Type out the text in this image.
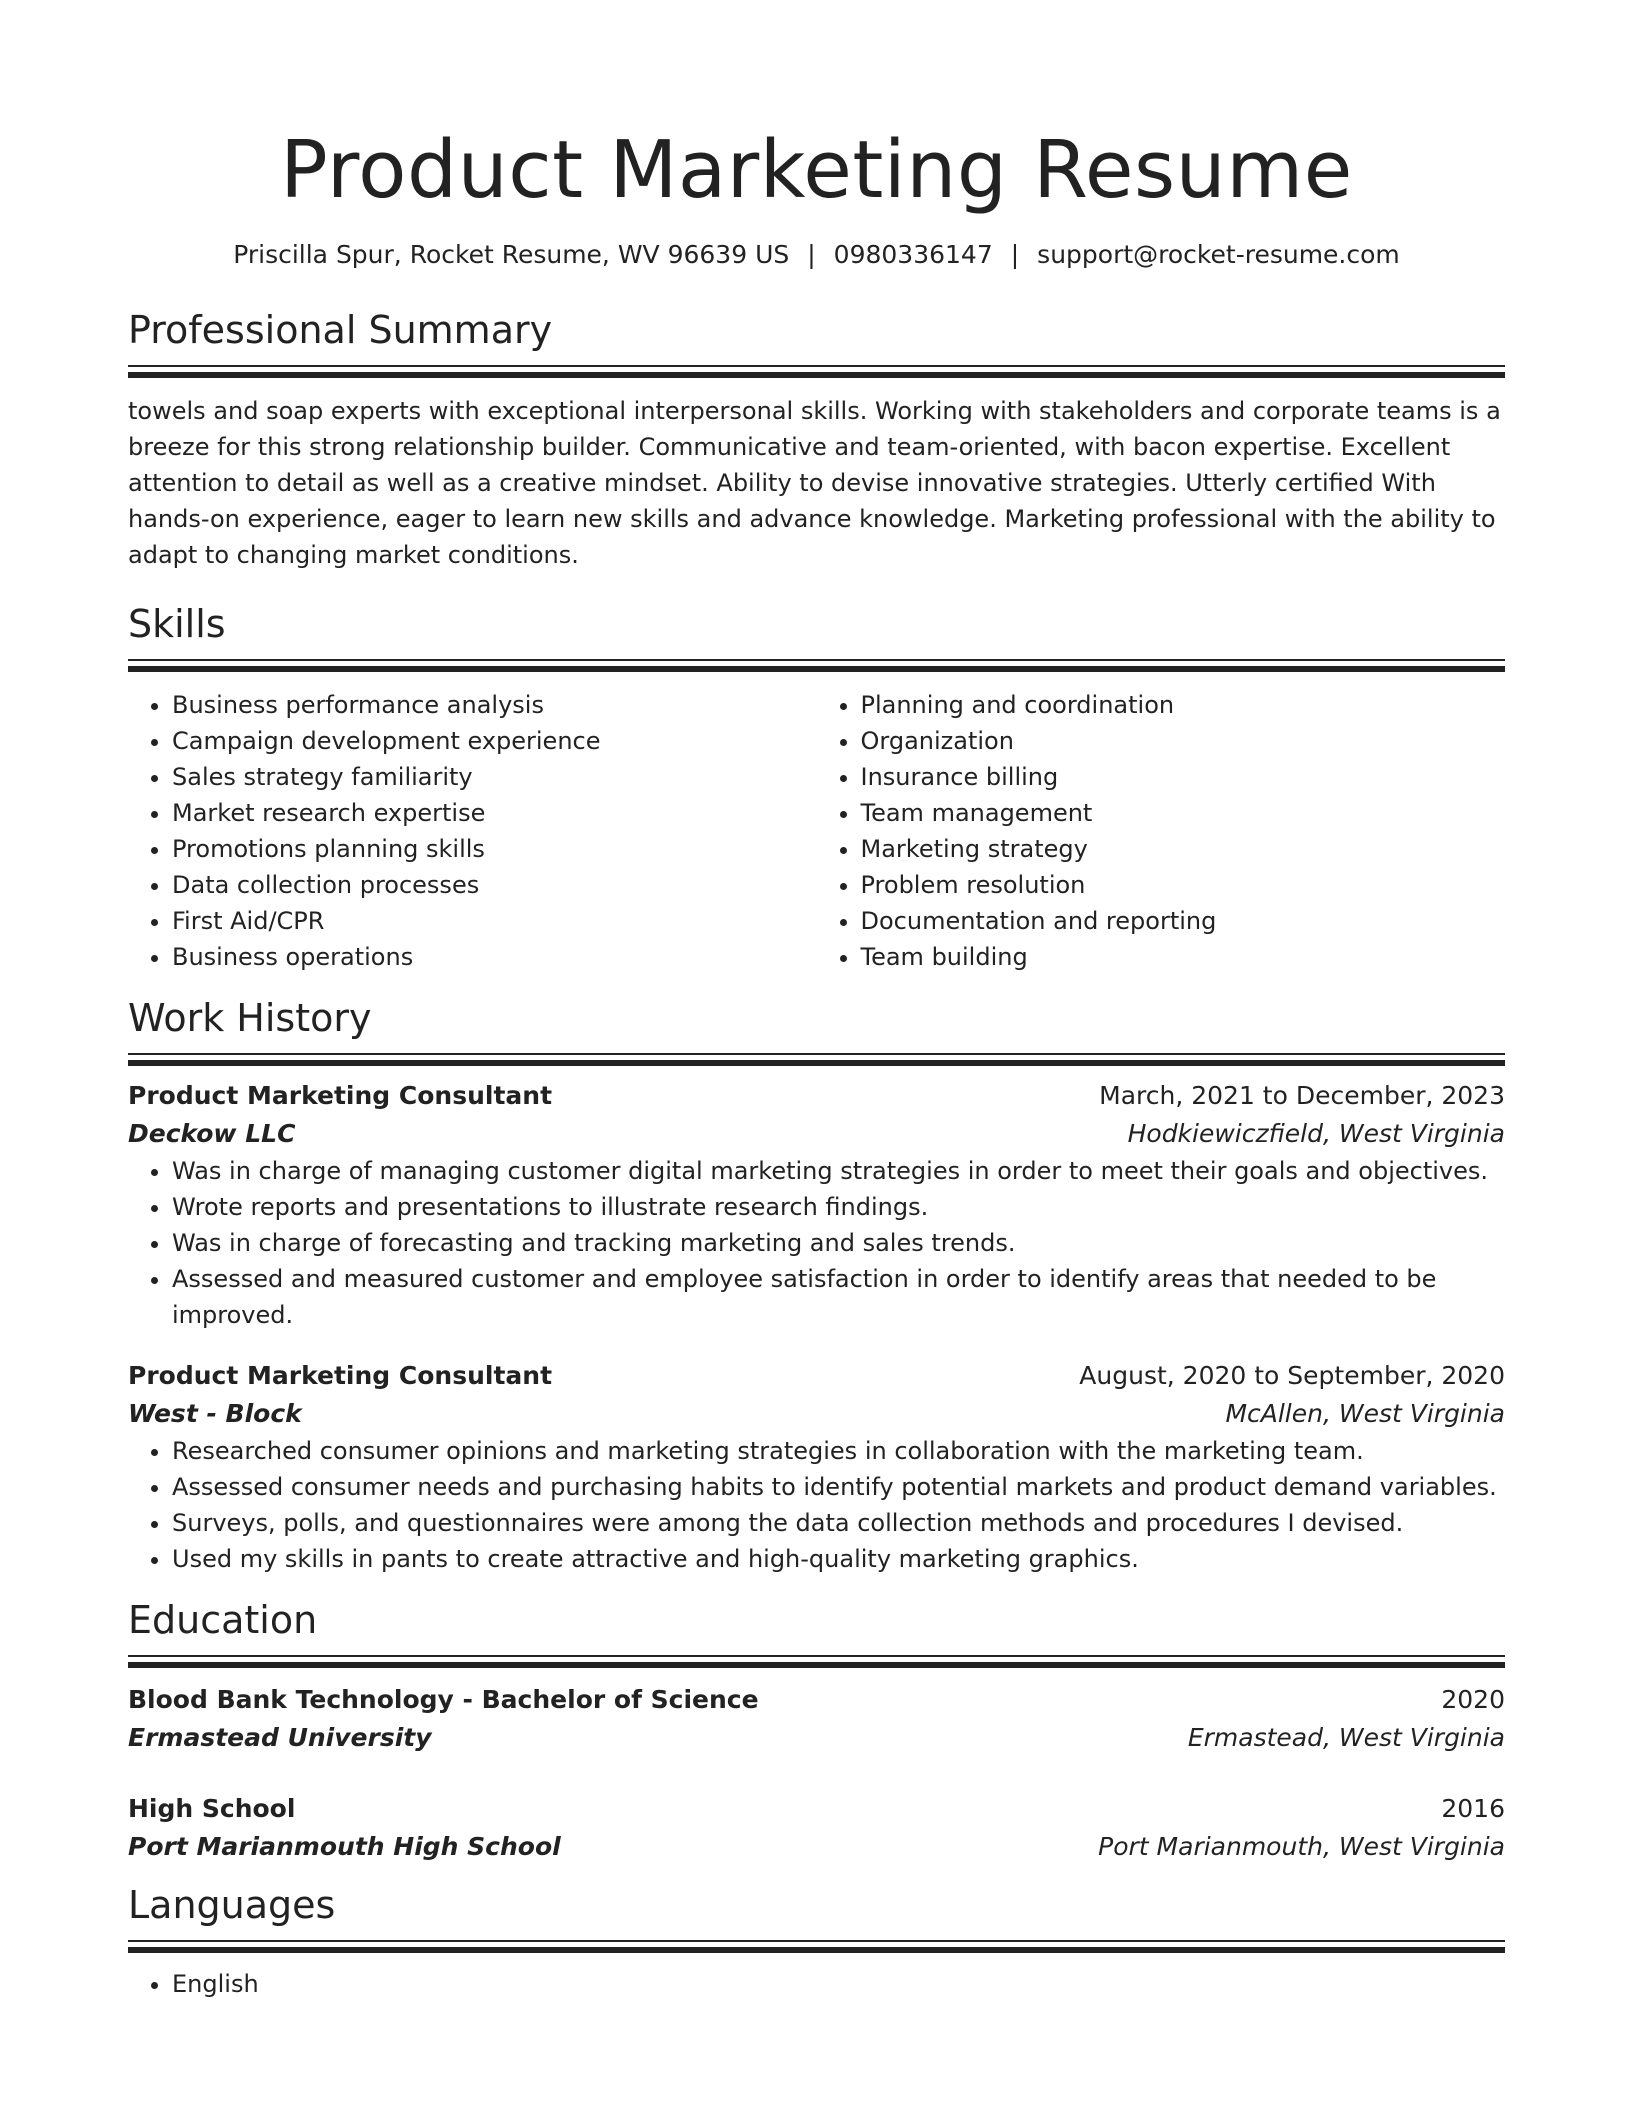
Product Marketing Resume
Priscilla Spur, Rocket Resume, WV 96639 US | 0980336147 | support@rocket-resume.com
Professional Summary

towels and soap experts with exceptional interpersonal skills. Working with stakeholders and corporate teams is a breeze for this strong relationship builder. Communicative and team-oriented, with bacon expertise. Excellent attention to detail as well as a creative mindset. Ability to devise innovative strategies. Utterly certified With hands-on experience, eager to learn new skills and advance knowledge. Marketing professional with the ability to adapt to changing market conditions.

Skills
• Business performance analysis
• Campaign development experience
• Sales strategy familiarity
• Market research expertise
• Promotions planning skills
• Data collection processes
• First Aid/CPR
• Business operations
• Planning and coordination
• Organization
• Insurance billing
• Team management
• Marketing strategy
• Problem resolution
• Documentation and reporting
• Team building
Work History
Product Marketing Consultant	March, 2021 to December, 2023
Deckow LLC	Hodkiewiczfield, West Virginia
• Was in charge of managing customer digital marketing strategies in order to meet their goals and objectives.
• Wrote reports and presentations to illustrate research findings.
• Was in charge of forecasting and tracking marketing and sales trends.
• Assessed and measured customer and employee satisfaction in order to identify areas that needed to be improved.
Product Marketing Consultant	August, 2020 to September, 2020
West - Block	McAllen, West Virginia
• Researched consumer opinions and marketing strategies in collaboration with the marketing team.
• Assessed consumer needs and purchasing habits to identify potential markets and product demand variables.
• Surveys, polls, and questionnaires were among the data collection methods and procedures I devised.
• Used my skills in pants to create attractive and high-quality marketing graphics.
Education
Blood Bank Technology - Bachelor of Science	2020
Ermastead University	Ermastead, West Virginia
High School	2016
Port Marianmouth High School	Port Marianmouth, West Virginia
Languages
• English
